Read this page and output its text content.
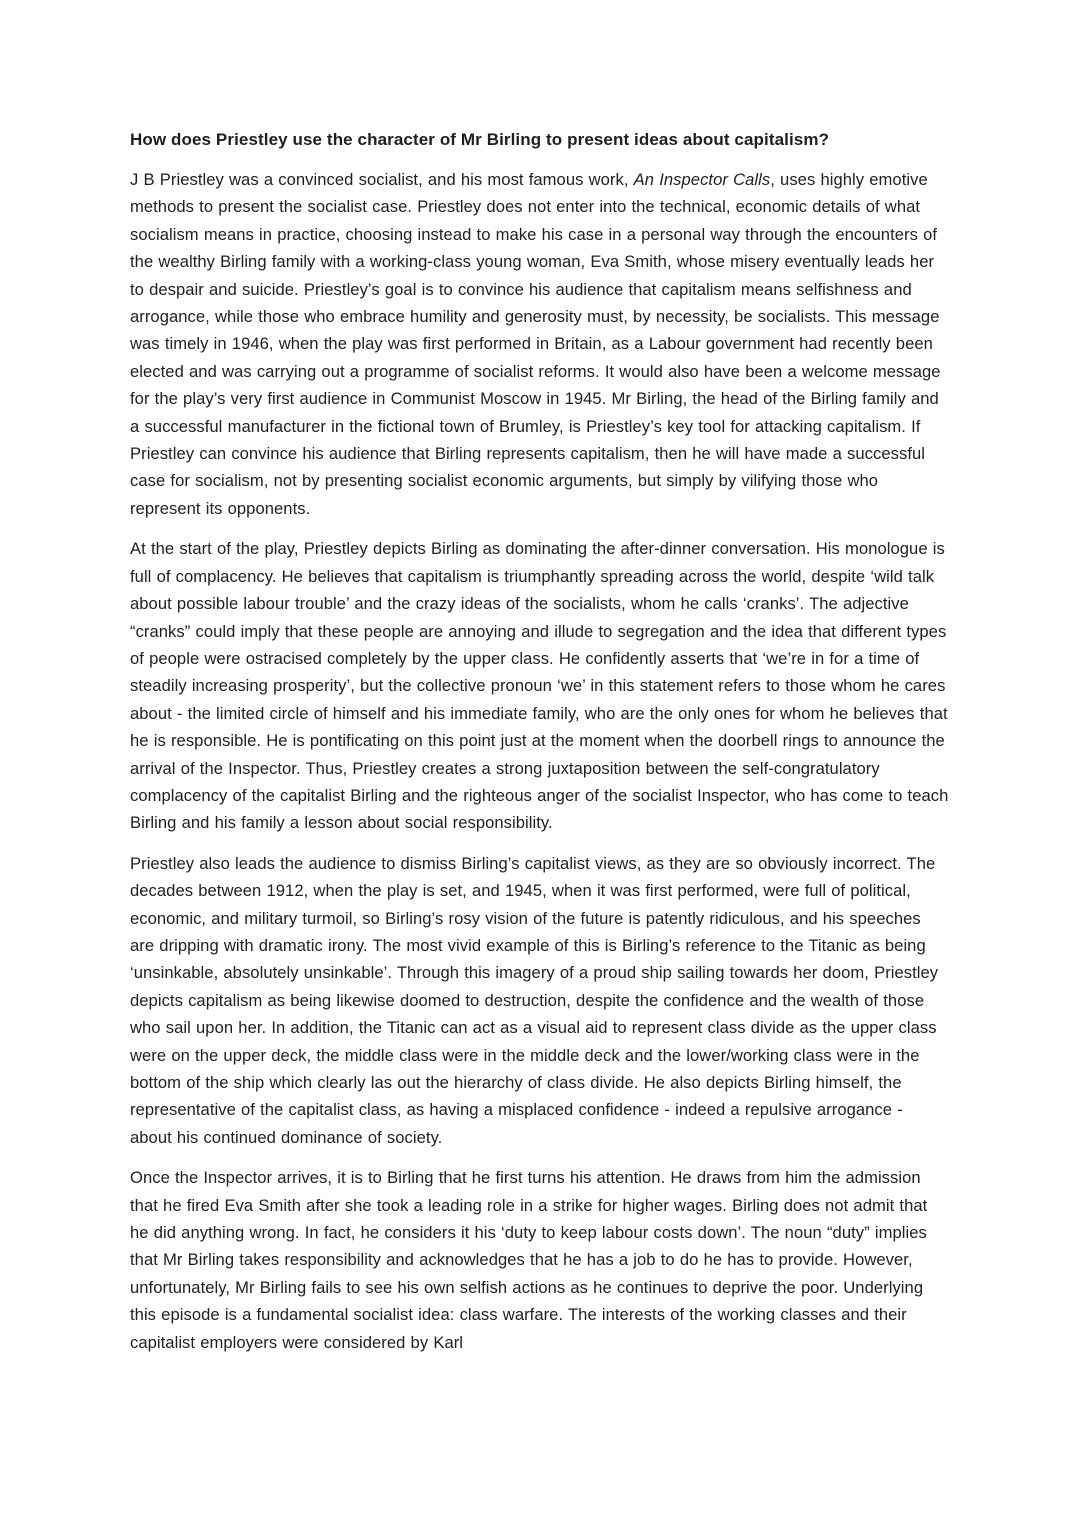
How does Priestley use the character of Mr Birling to present ideas about capitalism?

J B Priestley was a convinced socialist, and his most famous work, An Inspector Calls, uses highly emotive methods to present the socialist case. Priestley does not enter into the technical, economic details of what socialism means in practice, choosing instead to make his case in a personal way through the encounters of the wealthy Birling family with a working-class young woman, Eva Smith, whose misery eventually leads her to despair and suicide. Priestley’s goal is to convince his audience that capitalism means selfishness and arrogance, while those who embrace humility and generosity must, by necessity, be socialists. This message was timely in 1946, when the play was first performed in Britain, as a Labour government had recently been elected and was carrying out a programme of socialist reforms. It would also have been a welcome message for the play’s very first audience in Communist Moscow in 1945. Mr Birling, the head of the Birling family and a successful manufacturer in the fictional town of Brumley, is Priestley’s key tool for attacking capitalism. If Priestley can convince his audience that Birling represents capitalism, then he will have made a successful case for socialism, not by presenting socialist economic arguments, but simply by vilifying those who represent its opponents.

At the start of the play, Priestley depicts Birling as dominating the after-dinner conversation. His monologue is full of complacency. He believes that capitalism is triumphantly spreading across the world, despite ‘wild talk about possible labour trouble’ and the crazy ideas of the socialists, whom he calls ‘cranks’. The adjective “cranks” could imply that these people are annoying and illude to segregation and the idea that different types of people were ostracised completely by the upper class. He confidently asserts that ‘we’re in for a time of steadily increasing prosperity’, but the collective pronoun ‘we’ in this statement refers to those whom he cares about - the limited circle of himself and his immediate family, who are the only ones for whom he believes that he is responsible. He is pontificating on this point just at the moment when the doorbell rings to announce the arrival of the Inspector. Thus, Priestley creates a strong juxtaposition between the self-congratulatory complacency of the capitalist Birling and the righteous anger of the socialist Inspector, who has come to teach Birling and his family a lesson about social responsibility.

Priestley also leads the audience to dismiss Birling’s capitalist views, as they are so obviously incorrect. The decades between 1912, when the play is set, and 1945, when it was first performed, were full of political, economic, and military turmoil, so Birling’s rosy vision of the future is patently ridiculous, and his speeches are dripping with dramatic irony. The most vivid example of this is Birling’s reference to the Titanic as being ‘unsinkable, absolutely unsinkable’. Through this imagery of a proud ship sailing towards her doom, Priestley depicts capitalism as being likewise doomed to destruction, despite the confidence and the wealth of those who sail upon her. In addition, the Titanic can act as a visual aid to represent class divide as the upper class were on the upper deck, the middle class were in the middle deck and the lower/working class were in the bottom of the ship which clearly las out the hierarchy of class divide. He also depicts Birling himself, the representative of the capitalist class, as having a misplaced confidence - indeed a repulsive arrogance - about his continued dominance of society.

Once the Inspector arrives, it is to Birling that he first turns his attention. He draws from him the admission that he fired Eva Smith after she took a leading role in a strike for higher wages. Birling does not admit that he did anything wrong. In fact, he considers it his ‘duty to keep labour costs down’. The noun “duty” implies that Mr Birling takes responsibility and acknowledges that he has a job to do he has to provide. However, unfortunately, Mr Birling fails to see his own selfish actions as he continues to deprive the poor. Underlying this episode is a fundamental socialist idea: class warfare. The interests of the working classes and their capitalist employers were considered by Karl
